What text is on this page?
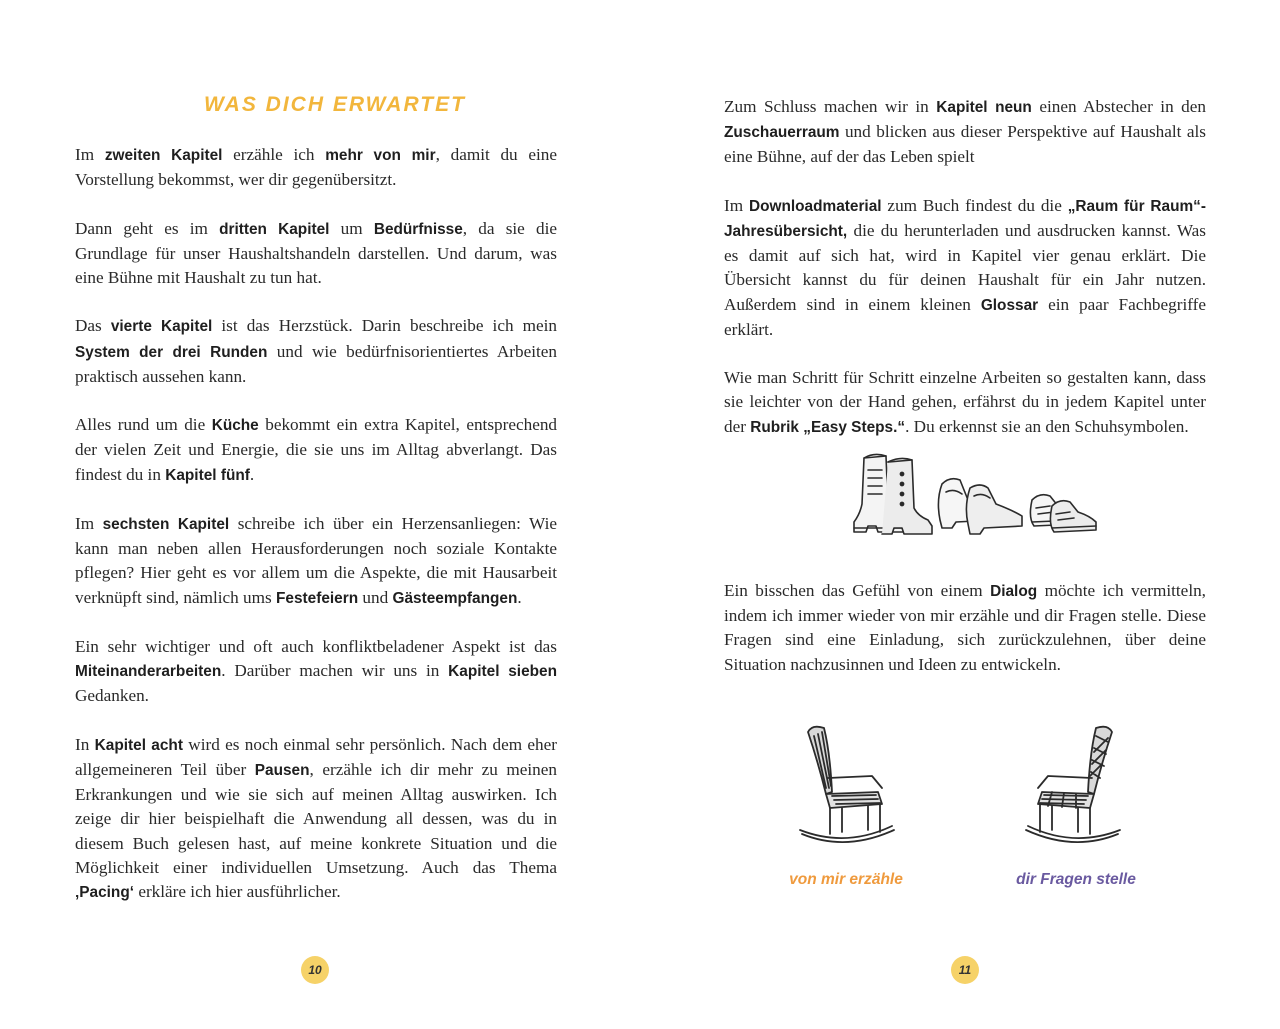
WAS DICH ERWARTET

Im zweiten Kapitel erzähle ich mehr von mir, damit du eine Vorstellung bekommst, wer dir gegenübersitzt.

Dann geht es im dritten Kapitel um Bedürfnisse, da sie die Grundlage für unser Haushaltshandeln darstellen. Und darum, was eine Bühne mit Haushalt zu tun hat.

Das vierte Kapitel ist das Herzstück. Darin beschreibe ich mein System der drei Runden und wie bedürfnisorientiertes Arbeiten praktisch aussehen kann.

Alles rund um die Küche bekommt ein extra Kapitel, entsprechend der vielen Zeit und Energie, die sie uns im Alltag abverlangt. Das findest du in Kapitel fünf.

Im sechsten Kapitel schreibe ich über ein Herzensanliegen: Wie kann man neben allen Herausforderungen noch soziale Kontakte pflegen? Hier geht es vor allem um die Aspekte, die mit Hausarbeit verknüpft sind, nämlich ums Festefeiern und Gästeempfangen.

Ein sehr wichtiger und oft auch konfliktbeladener Aspekt ist das Miteinanderarbeiten. Darüber machen wir uns in Kapitel sieben Gedanken.

In Kapitel acht wird es noch einmal sehr persönlich. Nach dem eher allgemeineren Teil über Pausen, erzähle ich dir mehr zu meinen Erkrankungen und wie sie sich auf meinen Alltag auswirken. Ich zeige dir hier beispielhaft die Anwendung all dessen, was du in diesem Buch gelesen hast, auf meine konkrete Situation und die Möglichkeit einer individuellen Umsetzung. Auch das Thema ‚Pacing‘ erkläre ich hier ausführlicher.

10

Zum Schluss machen wir in Kapitel neun einen Abstecher in den Zuschauerraum und blicken aus dieser Perspektive auf Haushalt als eine Bühne, auf der das Leben spielt

Im Downloadmaterial zum Buch findest du die „Raum für Raum“-Jahresübersicht, die du herunterladen und ausdrucken kannst. Was es damit auf sich hat, wird in Kapitel vier genau erklärt. Die Übersicht kannst du für deinen Haushalt für ein Jahr nutzen. Außerdem sind in einem kleinen Glossar ein paar Fachbegriffe erklärt.

Wie man Schritt für Schritt einzelne Arbeiten so gestalten kann, dass sie leichter von der Hand gehen, erfährst du in jedem Kapitel unter der Rubrik „Easy Steps.“. Du erkennst sie an den Schuhsymbolen.

Ein bisschen das Gefühl von einem Dialog möchte ich vermitteln, indem ich immer wieder von mir erzähle und dir Fragen stelle. Diese Fragen sind eine Einladung, sich zurückzulehnen, über deine Situation nachzusinnen und Ideen zu entwickeln.

von mir erzähle	dir Fragen stelle

11
